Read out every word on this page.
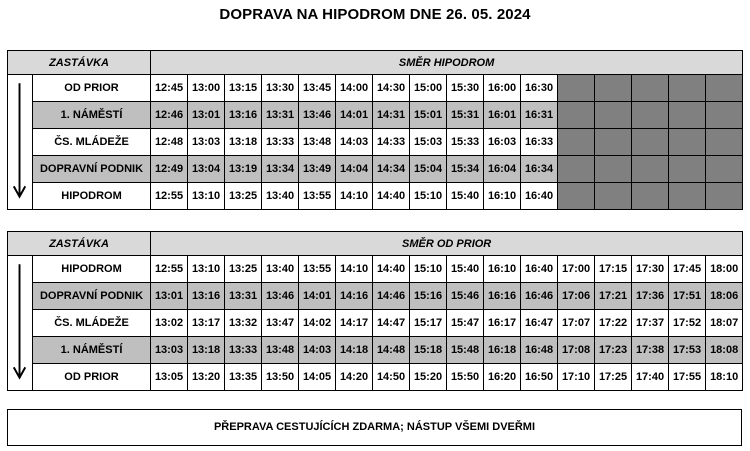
DOPRAVA NA HIPODROM DNE 26. 05. 2024
ZASTÁVKA		SMĚR HIPODROM															

	OD PRIOR	12:45	13:00	13:15	13:30	13:45	14:00	14:30	15:00	15:30	16:00	16:30					
	1. NÁMĚSTÍ	12:46	13:01	13:16	13:31	13:46	14:01	14:31	15:01	15:31	16:01	16:31					
	ČS. MLÁDEŽE	12:48	13:03	13:18	13:33	13:48	14:03	14:33	15:03	15:33	16:03	16:33					
	DOPRAVNÍ PODNIK	12:49	13:04	13:19	13:34	13:49	14:04	14:34	15:04	15:34	16:04	16:34					
	HIPODROM	12:55	13:10	13:25	13:40	13:55	14:10	14:40	15:10	15:40	16:10	16:40					
ZASTÁVKA		SMĚR OD PRIOR															

	HIPODROM	12:55	13:10	13:25	13:40	13:55	14:10	14:40	15:10	15:40	16:10	16:40	17:00	17:15	17:30	17:45	18:00
	DOPRAVNÍ PODNIK	13:01	13:16	13:31	13:46	14:01	14:16	14:46	15:16	15:46	16:16	16:46	17:06	17:21	17:36	17:51	18:06
	ČS. MLÁDEŽE	13:02	13:17	13:32	13:47	14:02	14:17	14:47	15:17	15:47	16:17	16:47	17:07	17:22	17:37	17:52	18:07
	1. NÁMĚSTÍ	13:03	13:18	13:33	13:48	14:03	14:18	14:48	15:18	15:48	16:18	16:48	17:08	17:23	17:38	17:53	18:08
	OD PRIOR	13:05	13:20	13:35	13:50	14:05	14:20	14:50	15:20	15:50	16:20	16:50	17:10	17:25	17:40	17:55	18:10
PŘEPRAVA CESTUJÍCÍCH ZDARMA; NÁSTUP VŠEMI DVEŘMI
